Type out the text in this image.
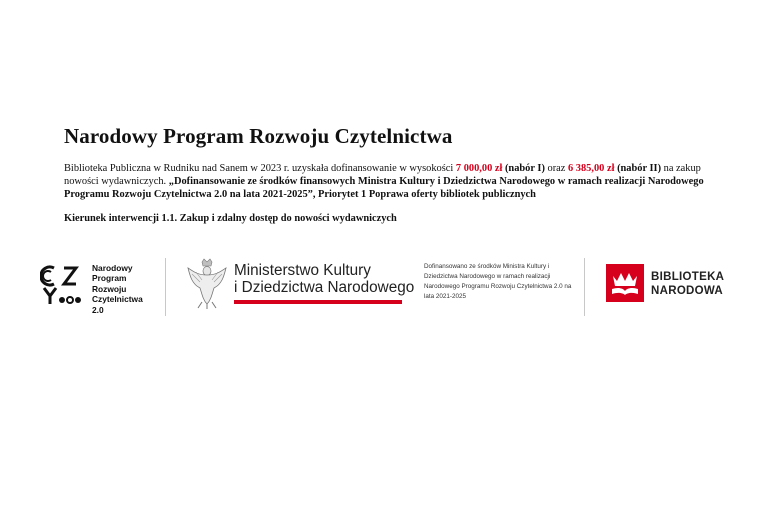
Narodowy Program Rozwoju Czytelnictwa

Biblioteka Publiczna w Rudniku nad Sanem w 2023 r. uzyskała dofinansowanie w wysokości 7 000,00 zł (nabór I) oraz 6 385,00 zł (nabór II) na zakup nowości wydawniczych. „Dofinansowanie ze środków finansowych Ministra Kultury i Dziedzictwa Narodowego w ramach realizacji Narodowego Programu Rozwoju Czytelnictwa 2.0 na lata 2021-2025”, Priorytet 1 Poprawa oferty bibliotek publicznych

Kierunek interwencji 1.1. Zakup i zdalny dostęp do nowości wydawniczych
Narodowy
Program
Rozwoju
Czytelnictwa
2.0
Ministerstwo Kultury
i Dziedzictwa Narodowego
Dofinansowano ze środków Ministra Kultury i Dziedzictwa Narodowego w ramach realizacji Narodowego Programu Rozwoju Czytelnictwa 2.0 na lata 2021-2025
BIBLIOTEKA
NARODOWA
